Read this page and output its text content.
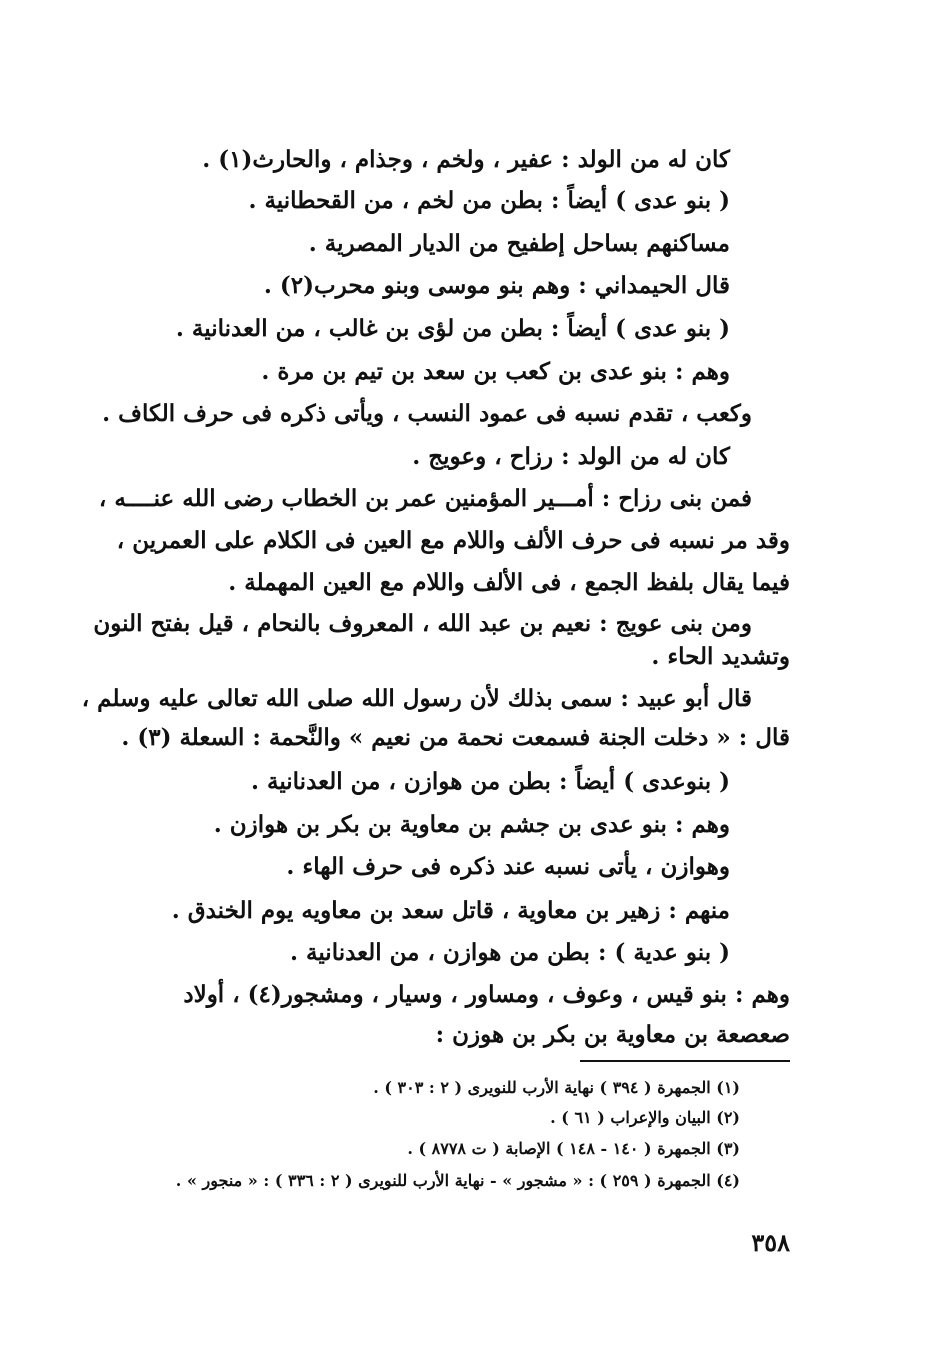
كان له من الولد : عفير ، ولخم ، وجذام ، والحارث(١) .
( بنو عدى ) أيضاً : بطن من لخم ، من القحطانية .
مساكنهم بساحل إطفيح من الديار المصرية .
قال الحيمداني : وهم بنو موسى وبنو محرب(٢) .
( بنو عدى ) أيضاً : بطن من لؤى بن غالب ، من العدنانية .
وهم : بنو عدى بن كعب بن سعد بن تيم بن مرة .
وكعب ، تقدم نسبه فى عمود النسب ، ويأتى ذكره فى حرف الكاف .
كان له من الولد : رزاح ، وعويج .
فمن بنى رزاح : أمـــير المؤمنين عمر بن الخطاب رضى الله عنــــه ،
وقد مر نسبه فى حرف الألف واللام مع العين فى الكلام على العمرين ،
فيما يقال بلفظ الجمع ، فى الألف واللام مع العين المهملة .
ومن بنى عويج : نعيم بن عبد الله ، المعروف بالنحام ، قيل بفتح النون
وتشديد الحاء .
قال أبو عبيد : سمى بذلك لأن رسول الله صلى الله تعالى عليه وسلم ،
قال : « دخلت الجنة فسمعت نحمة من نعيم » والنَّحمة : السعلة (٣) .
( بنوعدى ) أيضاً : بطن من هوازن ، من العدنانية .
وهم : بنو عدى بن جشم بن معاوية بن بكر بن هوازن .
وهوازن ، يأتى نسبه عند ذكره فى حرف الهاء .
منهم : زهير بن معاوية ، قاتل سعد بن معاويه يوم الخندق .
( بنو عدية ) : بطن من هوازن ، من العدنانية .
وهم : بنو قيس ، وعوف ، ومساور ، وسيار ، ومشجور(٤) ، أولاد
صعصعة بن معاوية بن بكر بن هوزن :
(١) الجمهرة ( ٣٩٤ ) نهاية الأرب للنويرى ( ٢ : ٣٠٣ ) .
(٢) البيان والإعراب ( ٦١ ) .
(٣) الجمهرة ( ١٤٠ - ١٤٨ ) الإصابة ( ت ٨٧٧٨ ) .
(٤) الجمهرة ( ٢٥٩ ) : « مشجور » - نهاية الأرب للنويرى ( ٢ : ٣٣٦ ) : « منجور » .
٣٥٨
